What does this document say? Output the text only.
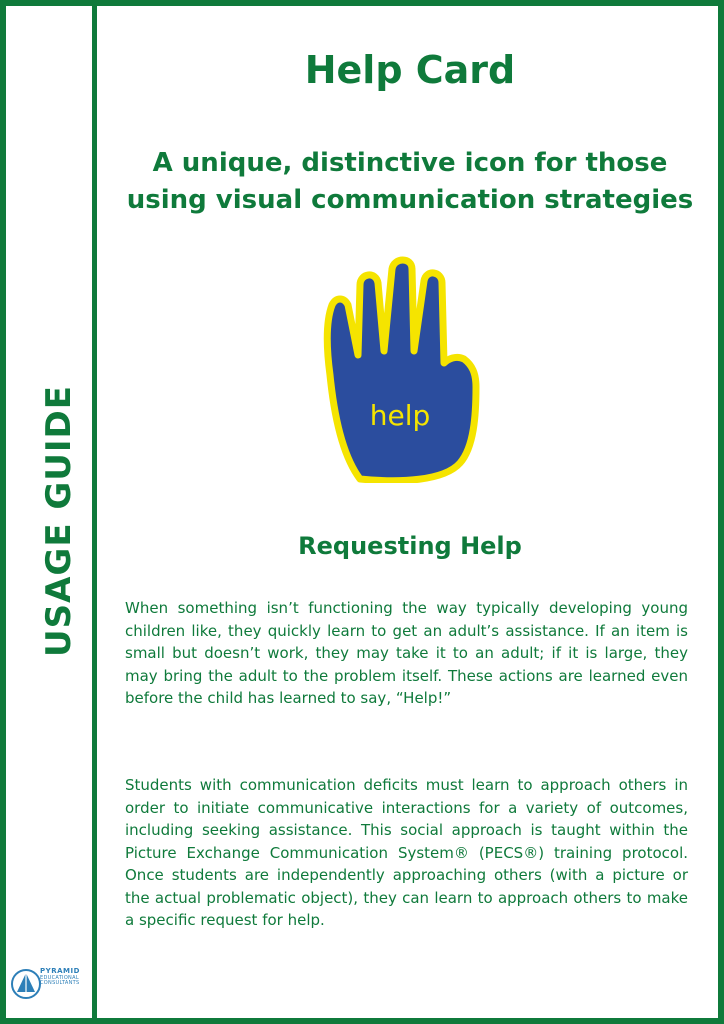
USAGE GUIDE
PYRAMID
EDUCATIONAL
CONSULTANTS
Help Card
A unique, distinctive icon for those
using visual communication strategies
help
Requesting Help

When something isn’t functioning the way typically developing young children like, they quickly learn to get an adult’s assistance. If an item is small but doesn’t work, they may take it to an adult; if it is large, they may bring the adult to the problem itself. These actions are learned even before the child has learned to say, “Help!”

Students with communication deficits must learn to approach others in order to initiate communicative interactions for a variety of outcomes, including seeking assistance. This social approach is taught within the Picture Exchange Communication System® (PECS®) training protocol. Once students are independently approaching others (with a picture or the actual problematic object), they can learn to approach others to make a specific request for help.
